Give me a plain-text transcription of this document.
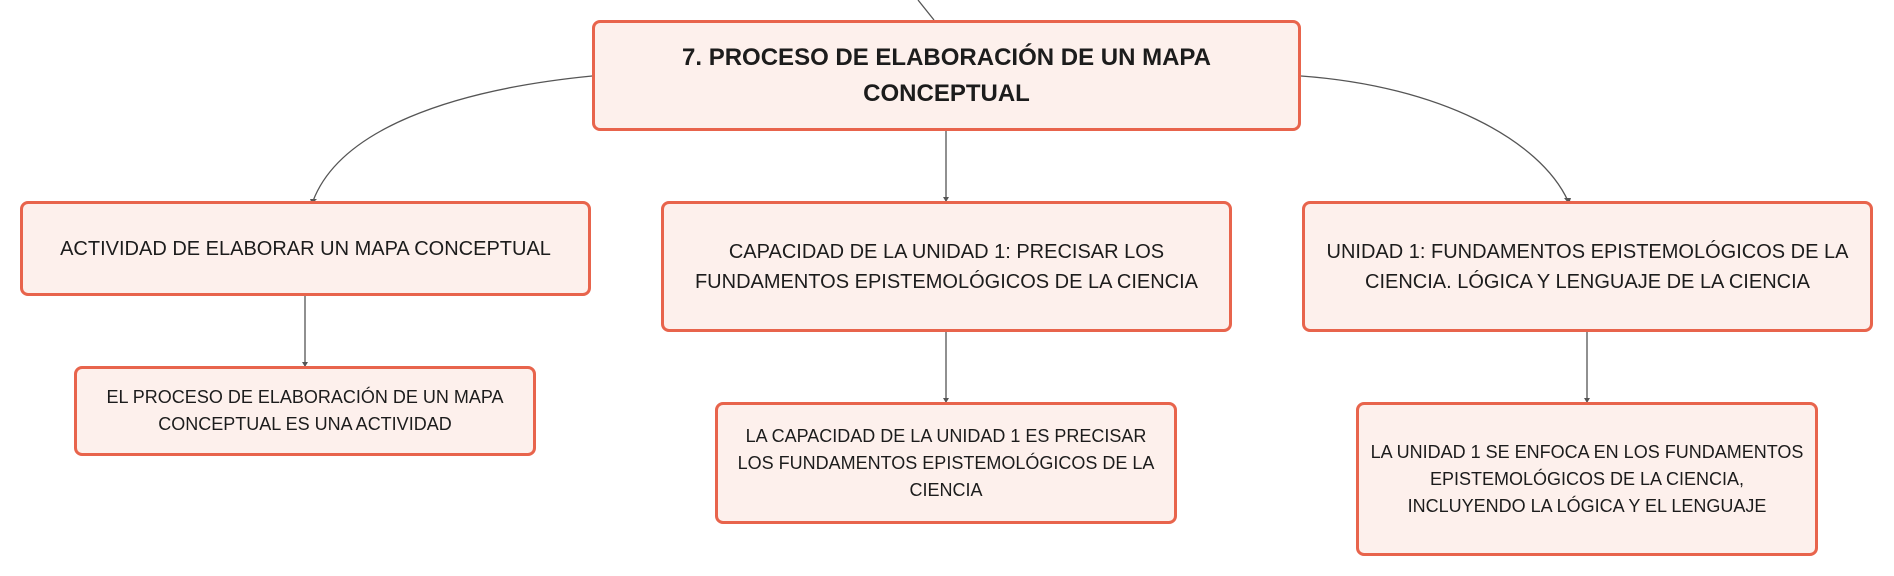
7. PROCESO DE ELABORACIÓN DE UN MAPA CONCEPTUAL
ACTIVIDAD DE ELABORAR UN MAPA CONCEPTUAL	CAPACIDAD DE LA UNIDAD 1: PRECISAR LOS FUNDAMENTOS EPISTEMOLÓGICOS DE LA CIENCIA
UNIDAD 1: FUNDAMENTOS EPISTEMOLÓGICOS DE LA CIENCIA. LÓGICA Y LENGUAJE DE LA CIENCIA
EL PROCESO DE ELABORACIÓN DE UN MAPA CONCEPTUAL ES UNA ACTIVIDAD
LA CAPACIDAD DE LA UNIDAD 1 ES PRECISAR LOS FUNDAMENTOS EPISTEMOLÓGICOS DE LA CIENCIA
LA UNIDAD 1 SE ENFOCA EN LOS FUNDAMENTOS EPISTEMOLÓGICOS DE LA CIENCIA, INCLUYENDO LA LÓGICA Y EL LENGUAJE
